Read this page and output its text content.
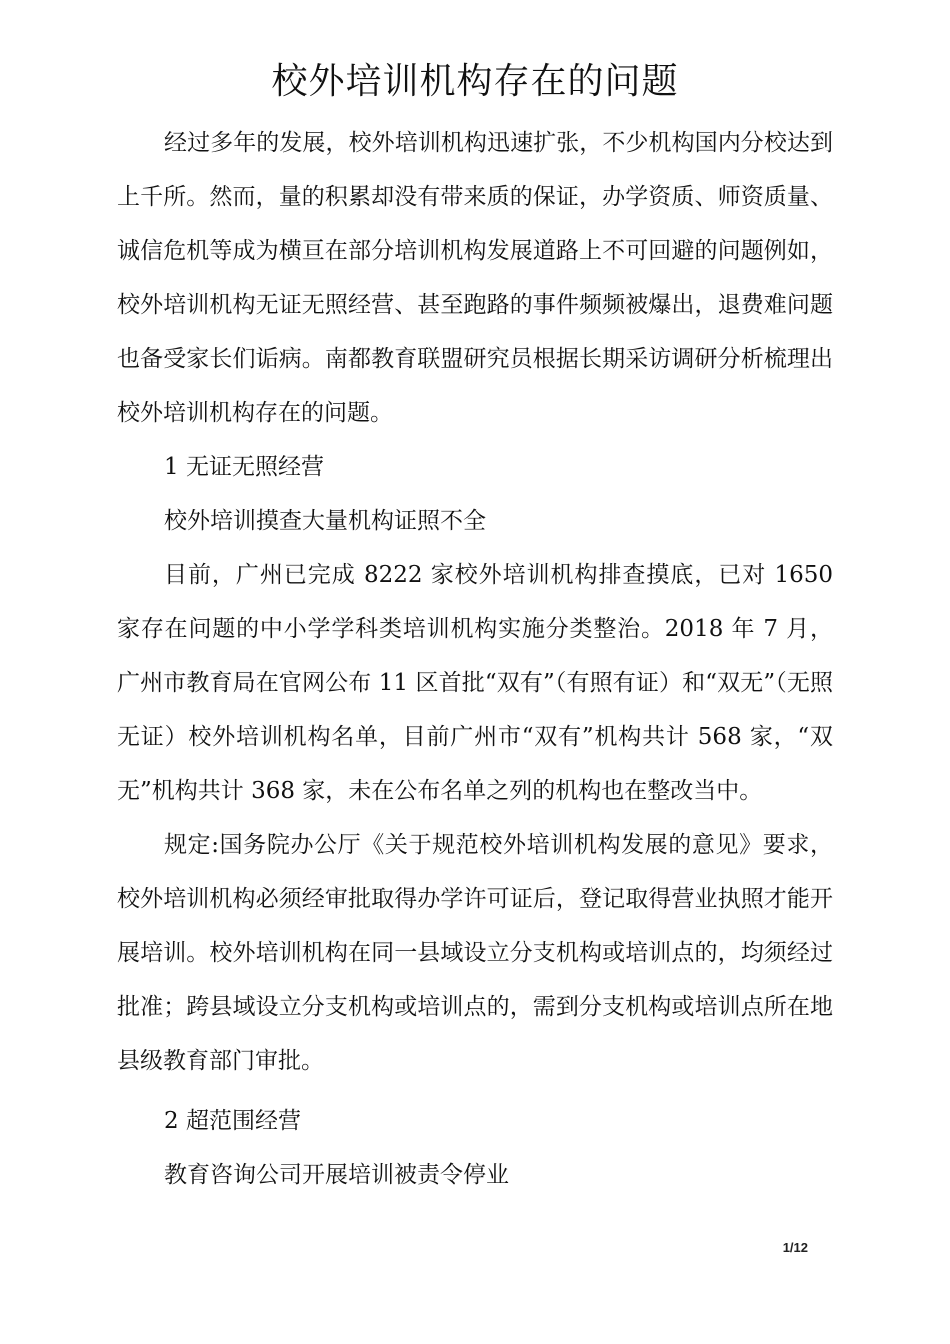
校外培训机构存在的问题

经过多年的发展，校外培训机构迅速扩张，不少机构国内分校达到上千所。然而，量的积累却没有带来质的保证，办学资质、师资质量、诚信危机等成为横亘在部分培训机构发展道路上不可回避的问题例如，校外培训机构无证无照经营、甚至跑路的事件频频被爆出，退费难问题也备受家长们诟病。南都教育联盟研究员根据长期采访调研分析梳理出校外培训机构存在的问题。

1 无证无照经营

校外培训摸查大量机构证照不全

目前，广州已完成 8222 家校外培训机构排查摸底，已对 1650 家存在问题的中小学学科类培训机构实施分类整治。2018 年 7 月，广州市教育局在官网公布 11 区首批“双有”（有照有证）和“双无”（无照无证）校外培训机构名单，目前广州市“双有”机构共计 568 家，“双无”机构共计 368 家，未在公布名单之列的机构也在整改当中。

规定:国务院办公厅《关于规范校外培训机构发展的意见》要求，校外培训机构必须经审批取得办学许可证后，登记取得营业执照才能开展培训。校外培训机构在同一县域设立分支机构或培训点的，均须经过批准；跨县域设立分支机构或培训点的，需到分支机构或培训点所在地县级教育部门审批。

2 超范围经营

教育咨询公司开展培训被责令停业

1/12
